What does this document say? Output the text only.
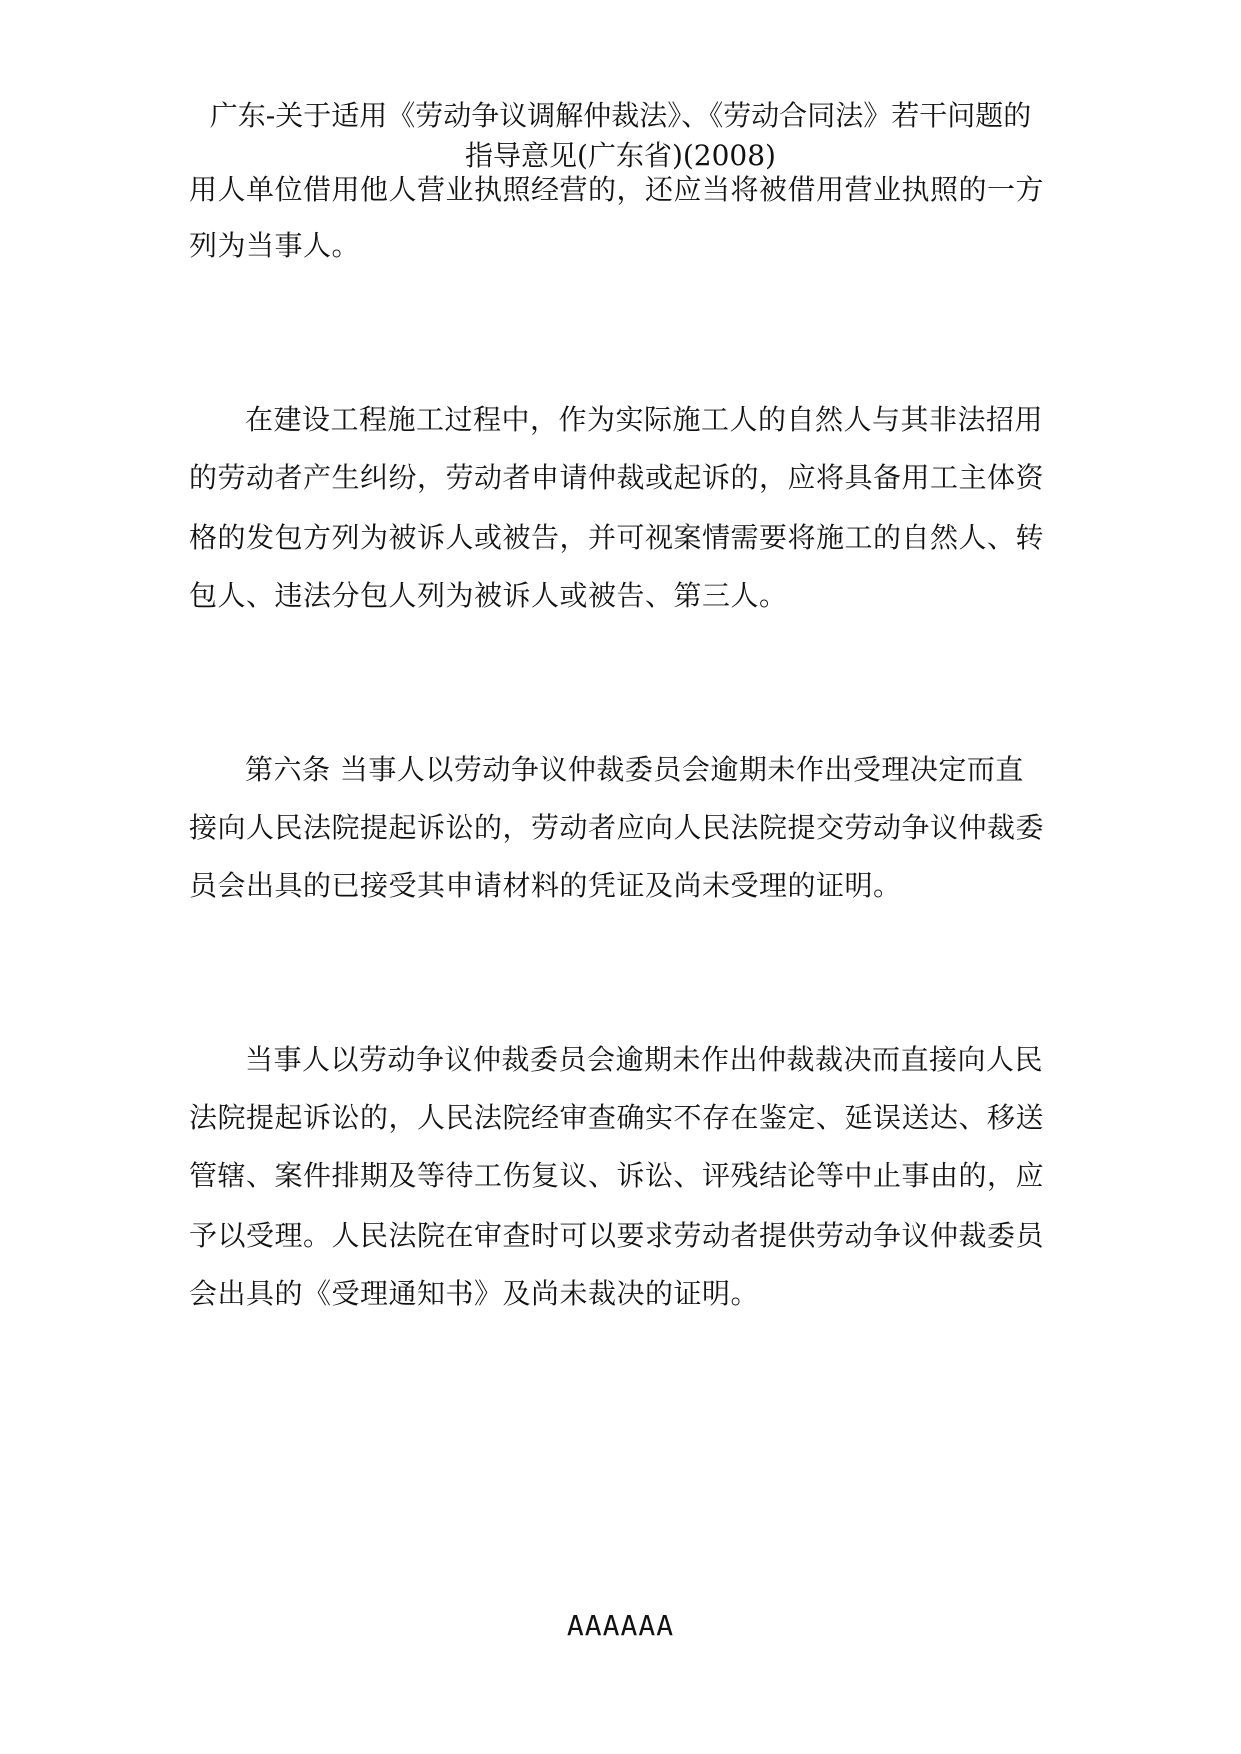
广东-关于适用《劳动争议调解仲裁法》、《劳动合同法》若干问题的
指导意见(广东省)(2008)
用人单位借用他人营业执照经营的，还应当将被借用营业执照的一方
列为当事人。
在建设工程施工过程中，作为实际施工人的自然人与其非法招用
的劳动者产生纠纷，劳动者申请仲裁或起诉的，应将具备用工主体资
格的发包方列为被诉人或被告，并可视案情需要将施工的自然人、转
包人、违法分包人列为被诉人或被告、第三人。
第六条 当事人以劳动争议仲裁委员会逾期未作出受理决定而直
接向人民法院提起诉讼的，劳动者应向人民法院提交劳动争议仲裁委
员会出具的已接受其申请材料的凭证及尚未受理的证明。
当事人以劳动争议仲裁委员会逾期未作出仲裁裁决而直接向人民
法院提起诉讼的，人民法院经审查确实不存在鉴定、延误送达、移送
管辖、案件排期及等待工伤复议、诉讼、评残结论等中止事由的，应
予以受理。人民法院在审查时可以要求劳动者提供劳动争议仲裁委员
会出具的《受理通知书》及尚未裁决的证明。
AAAAAA
